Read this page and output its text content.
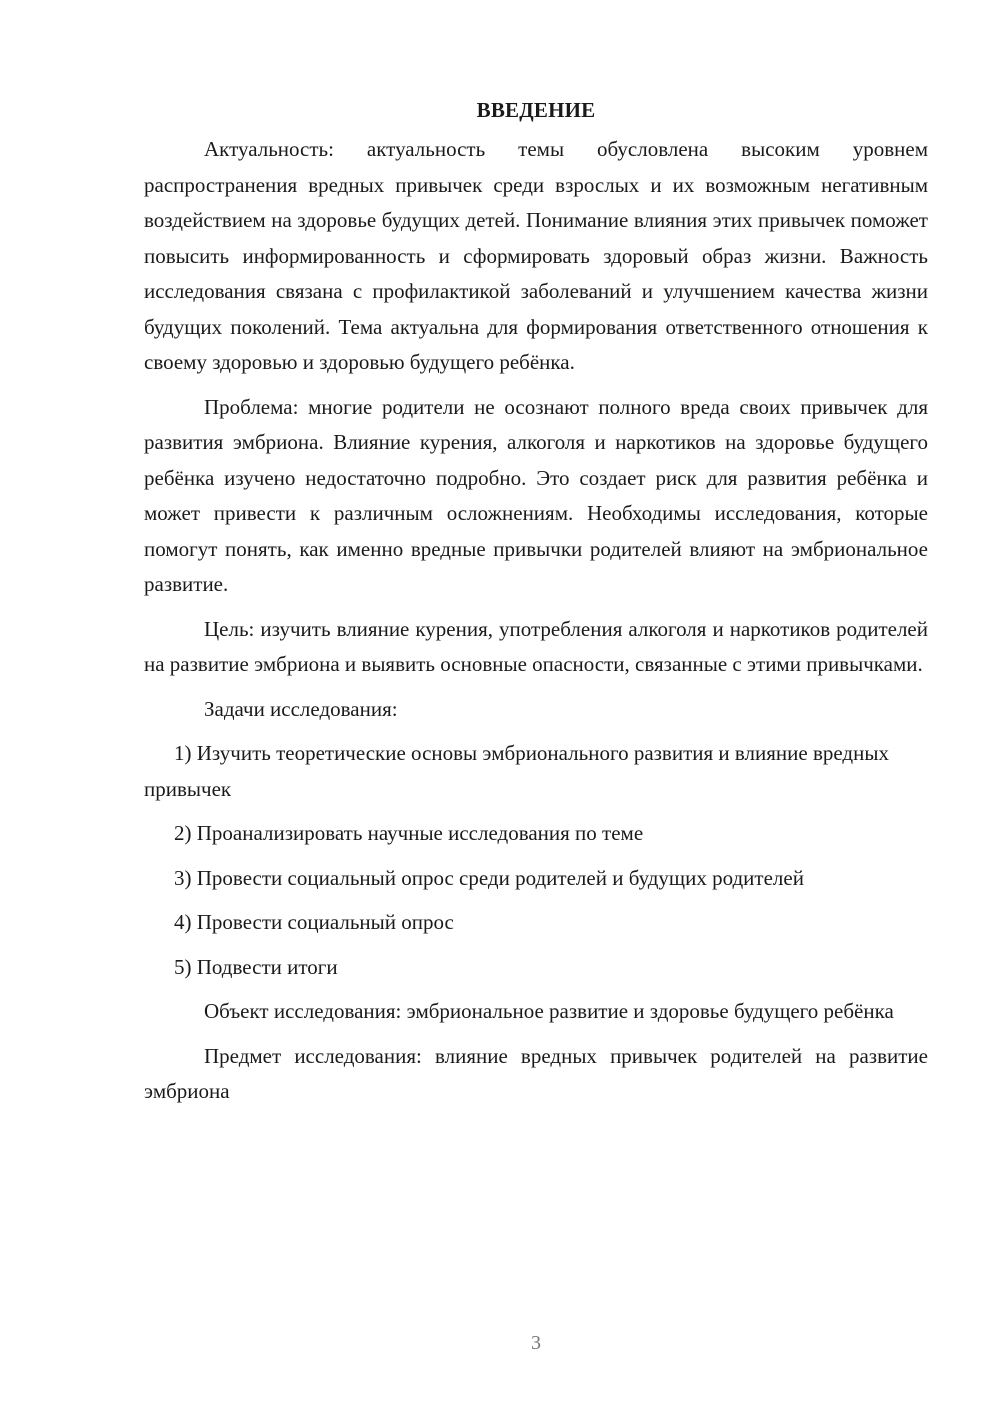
ВВЕДЕНИЕ

Актуальность: актуальность темы обусловлена высоким уровнем распространения вредных привычек среди взрослых и их возможным негативным воздействием на здоровье будущих детей. Понимание влияния этих привычек поможет повысить информированность и сформировать здоровый образ жизни. Важность исследования связана с профилактикой заболеваний и улучшением качества жизни будущих поколений. Тема актуальна для формирования ответственного отношения к своему здоровью и здоровью будущего ребёнка.

Проблема: многие родители не осознают полного вреда своих привычек для развития эмбриона. Влияние курения, алкоголя и наркотиков на здоровье будущего ребёнка изучено недостаточно подробно. Это создает риск для развития ребёнка и может привести к различным осложнениям. Необходимы исследования, которые помогут понять, как именно вредные привычки родителей влияют на эмбриональное развитие.

Цель: изучить влияние курения, употребления алкоголя и наркотиков родителей на развитие эмбриона и выявить основные опасности, связанные с этими привычками.

Задачи исследования:

1) Изучить теоретические основы эмбрионального развития и влияние вредных привычек

2) Проанализировать научные исследования по теме

3) Провести социальный опрос среди родителей и будущих родителей

4) Провести социальный опрос

5) Подвести итоги

Объект исследования: эмбриональное развитие и здоровье будущего ребёнка

Предмет исследования: влияние вредных привычек родителей на развитие эмбриона

3
